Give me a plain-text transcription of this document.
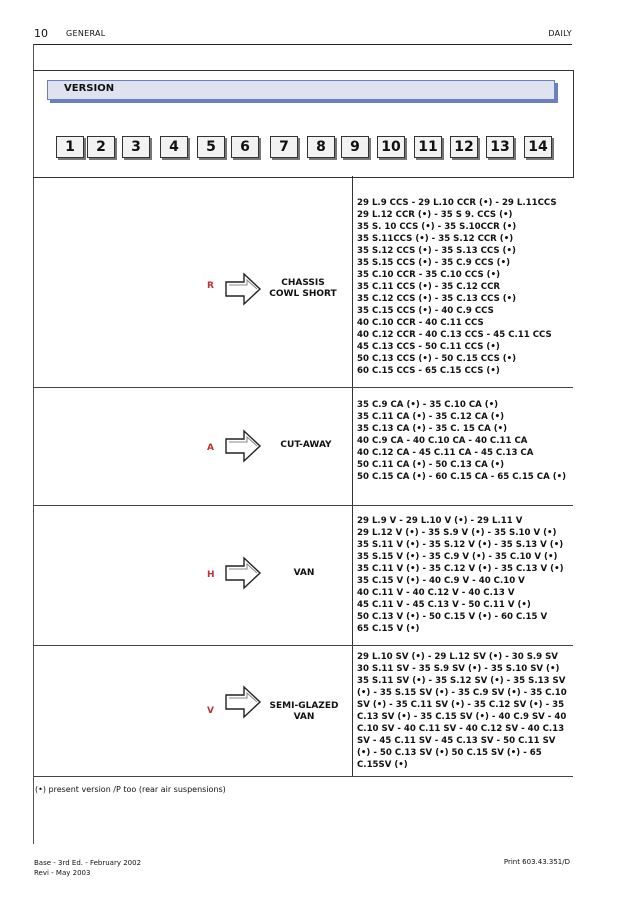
10 GENERAL	DAILY
VERSION
1	2	3	4	5	6	7	8	9	10	11	12	13	14
R	CHASSIS
COWL SHORT
29 L.9 CCS - 29 L.10 CCR (•) - 29 L.11CCS
29 L.12 CCR (•) - 35 S 9. CCS (•)
35 S. 10 CCS (•) - 35 S.10CCR (•)
35 S.11CCS (•) - 35 S.12 CCR (•)
35 S.12 CCS (•) - 35 S.13 CCS (•)
35 S.15 CCS (•) - 35 C.9 CCS (•)
35 C.10 CCR - 35 C.10 CCS (•)
35 C.11 CCS (•) - 35 C.12 CCR
35 C.12 CCS (•) - 35 C.13 CCS (•)
35 C.15 CCS (•) - 40 C.9 CCS
40 C.10 CCR - 40 C.11 CCS
40 C.12 CCR - 40 C.13 CCS - 45 C.11 CCS
45 C.13 CCS - 50 C.11 CCS (•)
50 C.13 CCS (•) - 50 C.15 CCS (•)
60 C.15 CCS - 65 C.15 CCS (•)
A	CUT-AWAY
35 C.9 CA (•) - 35 C.10 CA (•)
35 C.11 CA (•) - 35 C.12 CA (•)
35 C.13 CA (•) - 35 C. 15 CA (•)
40 C.9 CA - 40 C.10 CA - 40 C.11 CA
40 C.12 CA - 45 C.11 CA - 45 C.13 CA
50 C.11 CA (•) - 50 C.13 CA (•)
50 C.15 CA (•) - 60 C.15 CA - 65 C.15 CA (•)
H	VAN
29 L.9 V - 29 L.10 V (•) - 29 L.11 V
29 L.12 V (•) - 35 S.9 V (•) - 35 S.10 V (•)
35 S.11 V (•) - 35 S.12 V (•) - 35 S.13 V (•)
35 S.15 V (•) - 35 C.9 V (•) - 35 C.10 V (•)
35 C.11 V (•) - 35 C.12 V (•) - 35 C.13 V (•)
35 C.15 V (•) - 40 C.9 V - 40 C.10 V
40 C.11 V - 40 C.12 V - 40 C.13 V
45 C.11 V - 45 C.13 V - 50 C.11 V (•)
50 C.13 V (•) - 50 C.15 V (•) - 60 C.15 V
65 C.15 V (•)
V	SEMI-GLAZED
VAN
29 L.10 SV (•) - 29 L.12 SV (•) - 30 S.9 SV 30 S.11 SV - 35 S.9 SV (•) - 35 S.10 SV (•) 35 S.11 SV (•) - 35 S.12 SV (•) - 35 S.13 SV (•) - 35 S.15 SV (•) - 35 C.9 SV (•) - 35 C.10 SV (•) - 35 C.11 SV (•) - 35 C.12 SV (•) - 35 C.13 SV (•) - 35 C.15 SV (•) - 40 C.9 SV - 40 C.10 SV - 40 C.11 SV - 40 C.12 SV - 40 C.13 SV - 45 C.11 SV - 45 C.13 SV - 50 C.11 SV (•) - 50 C.13 SV (•) 50 C.15 SV (•) - 65 C.15SV (•)
(•) present version /P too (rear air suspensions)
Base - 3rd Ed. - February 2002
Revi - May 2003
Print 603.43.351/D
